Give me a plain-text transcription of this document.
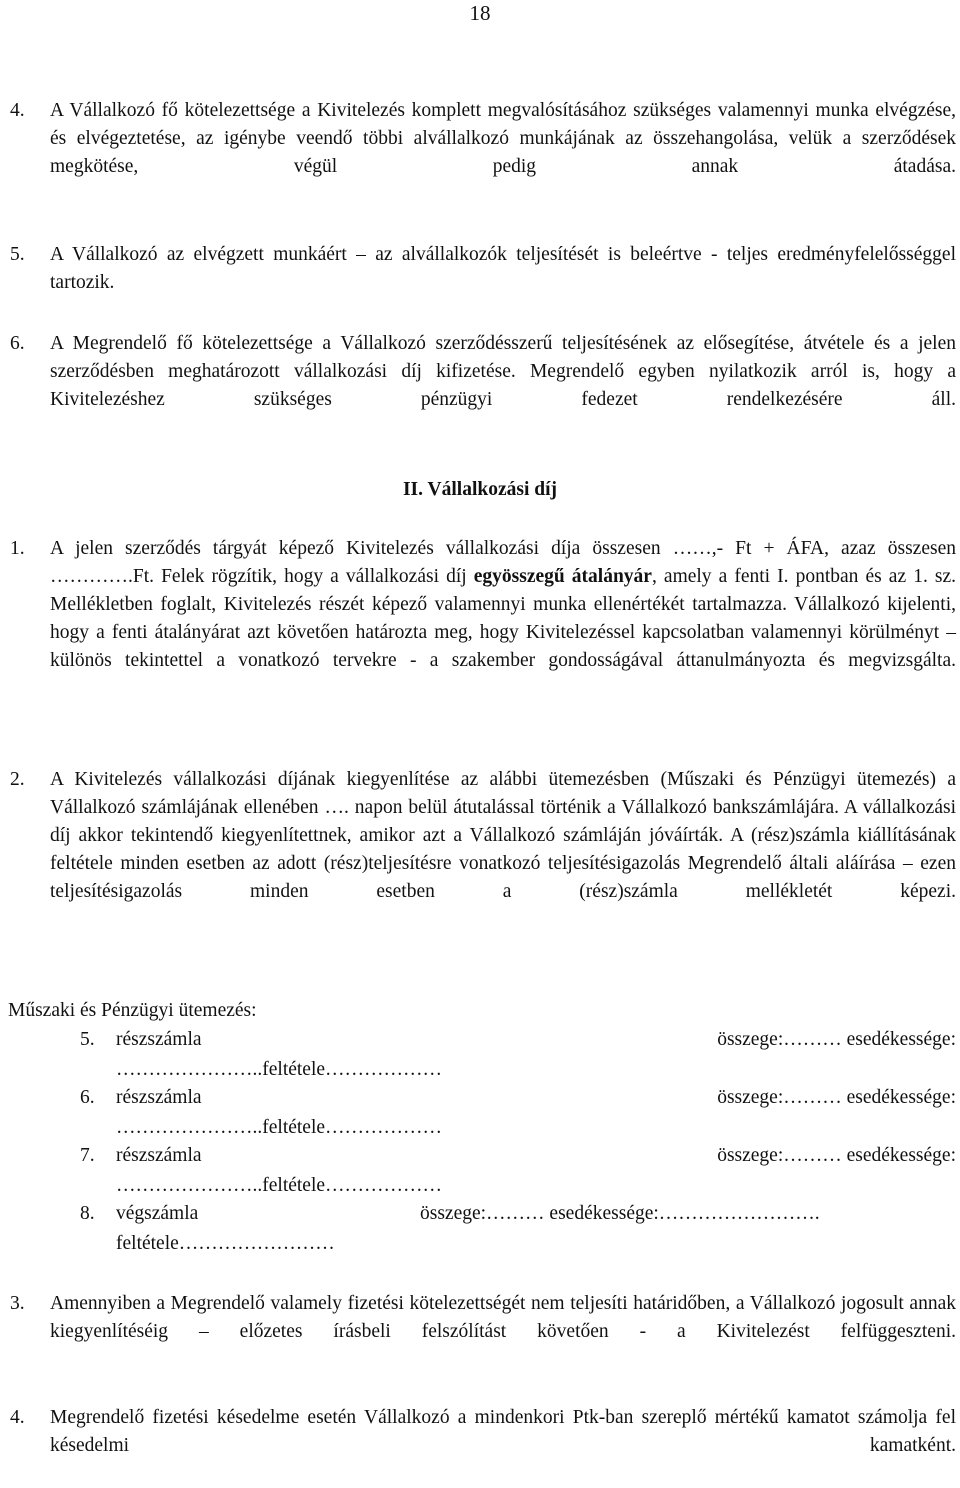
18
4. A Vállalkozó fő kötelezettsége a Kivitelezés komplett megvalósításához szükséges valamennyi munka elvégzése, és elvégeztetése, az igénybe veendő többi alvállalkozó munkájának az összehangolása, velük a szerződések megkötése, végül pedig annak átadása.
5. A Vállalkozó az elvégzett munkáért – az alvállalkozók teljesítését is beleértve - teljes eredményfelelősséggel tartozik.
6. A Megrendelő fő kötelezettsége a Vállalkozó szerződésszerű teljesítésének az elősegítése, átvétele és a jelen szerződésben meghatározott vállalkozási díj kifizetése. Megrendelő egyben nyilatkozik arról is, hogy a Kivitelezéshez szükséges pénzügyi fedezet rendelkezésére áll.
II. Vállalkozási díj
1. A jelen szerződés tárgyát képező Kivitelezés vállalkozási díja összesen ……,- Ft + ÁFA, azaz összesen ………….Ft. Felek rögzítik, hogy a vállalkozási díj egyösszegű átalányár, amely a fenti I. pontban és az 1. sz. Mellékletben foglalt, Kivitelezés részét képező valamennyi munka ellenértékét tartalmazza. Vállalkozó kijelenti, hogy a fenti átalányárat azt követően határozta meg, hogy Kivitelezéssel kapcsolatban valamennyi körülményt – különös tekintettel a vonatkozó tervekre - a szakember gondosságával áttanulmányozta és megvizsgálta.
2. A Kivitelezés vállalkozási díjának kiegyenlítése az alábbi ütemezésben (Műszaki és Pénzügyi ütemezés) a Vállalkozó számlájának ellenében …. napon belül átutalással történik a Vállalkozó bankszámlájára. A vállalkozási díj akkor tekintendő kiegyenlítettnek, amikor azt a Vállalkozó számláján jóváírták. A (rész)számla kiállításának feltétele minden esetben az adott (rész)teljesítésre vonatkozó teljesítésigazolás Megrendelő általi aláírása – ezen teljesítésigazolás minden esetben a (rész)számla mellékletét képezi.
Műszaki és Pénzügyi ütemezés:
5. részszámla	összege:……… esedékessége:
…………………..feltétele………………
6. részszámla	összege:……… esedékessége:
…………………..feltétele………………
7. részszámla	összege:……… esedékessége:
…………………..feltétele………………
8. végszámla	összege:……… esedékessége:…………………….
feltétele……………………
3. Amennyiben a Megrendelő valamely fizetési kötelezettségét nem teljesíti határidőben, a Vállalkozó jogosult annak kiegyenlítéséig – előzetes írásbeli felszólítást követően - a Kivitelezést felfüggeszteni.
4. Megrendelő fizetési késedelme esetén Vállalkozó a mindenkori Ptk-ban szereplő mértékű kamatot számolja fel késedelmi kamatként.
